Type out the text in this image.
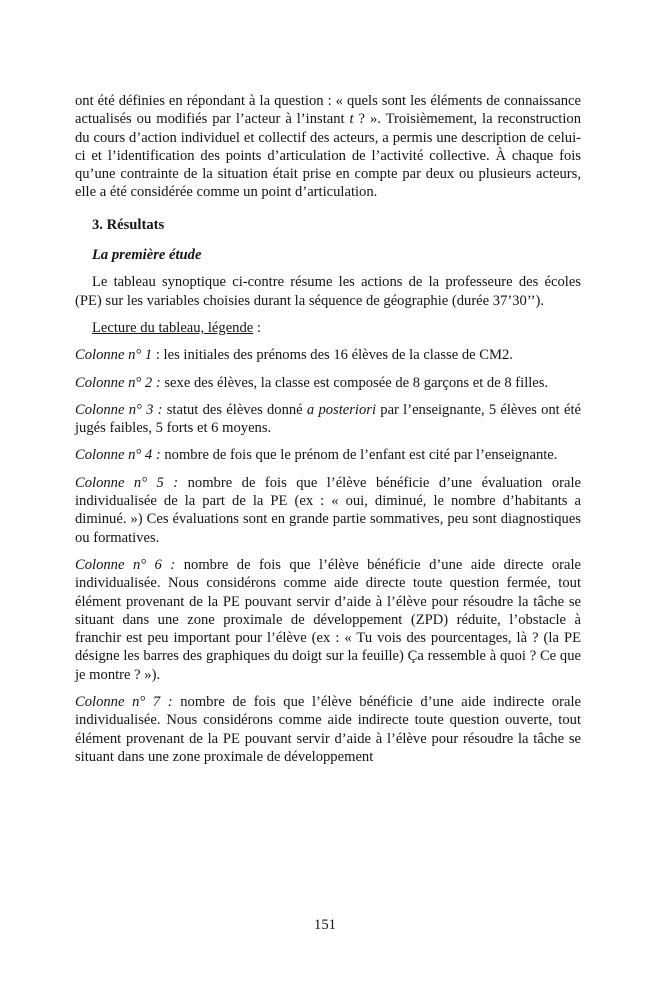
ont été définies en répondant à la question : « quels sont les éléments de connaissance actualisés ou modifiés par l’acteur à l’instant t ? ». Troisièmement, la reconstruction du cours d’action individuel et collectif des acteurs, a permis une description de celui-ci et l’identification des points d’articulation de l’activité collective. À chaque fois qu’une contrainte de la situation était prise en compte par deux ou plusieurs acteurs, elle a été considérée comme un point d’articulation.

3. Résultats
La première étude

Le tableau synoptique ci-contre résume les actions de la professeure des écoles (PE) sur les variables choisies durant la séquence de géographie (durée 37’30’’).

Lecture du tableau, légende :

Colonne n° 1 : les initiales des prénoms des 16 élèves de la classe de CM2.

Colonne n° 2 : sexe des élèves, la classe est composée de 8 garçons et de 8 filles.

Colonne n° 3 : statut des élèves donné a posteriori par l’enseignante, 5 élèves ont été jugés faibles, 5 forts et 6 moyens.

Colonne n° 4 : nombre de fois que le prénom de l’enfant est cité par l’enseignante.

Colonne n° 5 : nombre de fois que l’élève bénéficie d’une évaluation orale individualisée de la part de la PE (ex : « oui, diminué, le nombre d’habitants a diminué. ») Ces évaluations sont en grande partie sommatives, peu sont diagnostiques ou formatives.

Colonne n° 6 : nombre de fois que l’élève bénéficie d’une aide directe orale individualisée. Nous considérons comme aide directe toute question fermée, tout élément provenant de la PE pouvant servir d’aide à l’élève pour résoudre la tâche se situant dans une zone proximale de développement (ZPD) réduite, l’obstacle à franchir est peu important pour l’élève (ex : « Tu vois des pourcentages, là ? (la PE désigne les barres des graphiques du doigt sur la feuille) Ça ressemble à quoi ? Ce que je montre ? »).

Colonne n° 7 : nombre de fois que l’élève bénéficie d’une aide indirecte orale individualisée. Nous considérons comme aide indirecte toute question ouverte, tout élément provenant de la PE pouvant servir d’aide à l’élève pour résoudre la tâche se situant dans une zone proximale de développement

151
